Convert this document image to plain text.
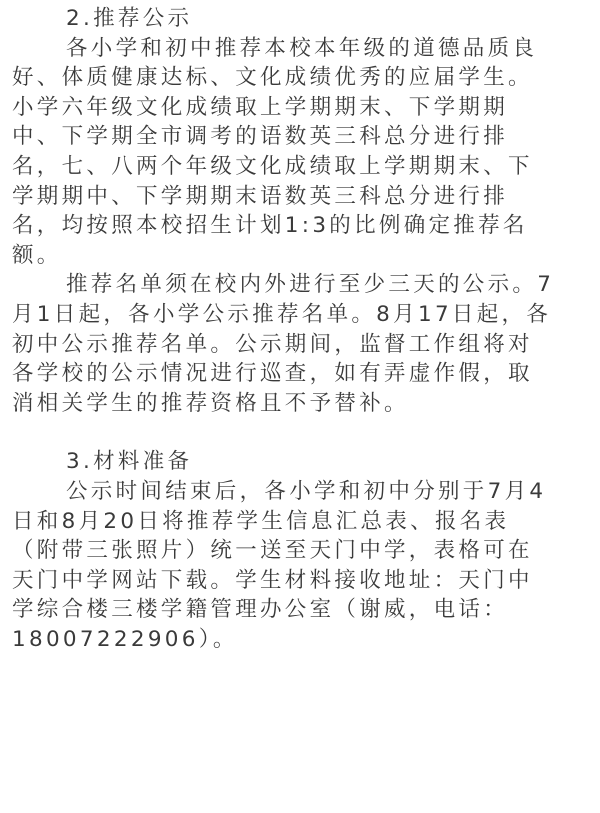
2.推荐公示
各小学和初中推荐本校本年级的道德品质良
好、体质健康达标、文化成绩优秀的应届学生。
小学六年级文化成绩取上学期期末、下学期期
中、下学期全市调考的语数英三科总分进行排
名，七、八两个年级文化成绩取上学期期末、下
学期期中、下学期期末语数英三科总分进行排
名，均按照本校招生计划1:3的比例确定推荐名
额。
推荐名单须在校内外进行至少三天的公示。7
月1日起，各小学公示推荐名单。8月17日起，各
初中公示推荐名单。公示期间，监督工作组将对
各学校的公示情况进行巡查，如有弄虚作假，取
消相关学生的推荐资格且不予替补。
3.材料准备
公示时间结束后，各小学和初中分别于7月4
日和8月20日将推荐学生信息汇总表、报名表
（附带三张照片）统一送至天门中学，表格可在
天门中学网站下载。学生材料接收地址：天门中
学综合楼三楼学籍管理办公室（谢威，电话：
18007222906）。
